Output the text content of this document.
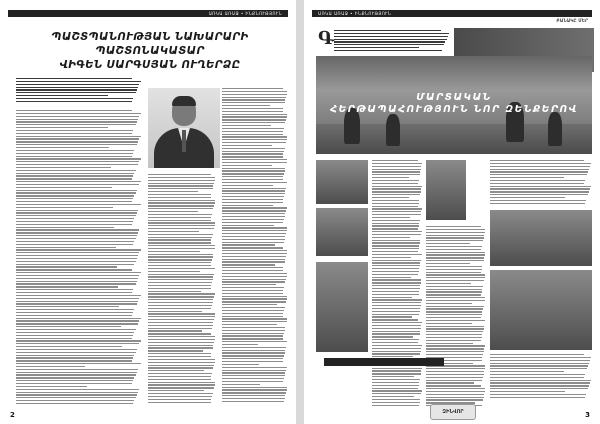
ԱՌԿԱ ԱՌԱՋ • ԻՆՔՆՈՒԹՅՈՒՆ
ՊԱՇՏՊԱՆՈՒԹՅԱՆ ՆԱԽԱՐԱՐԻ
ՊԱՇՏՈՆԱԿԱՏԱՐ
ՎԻԳԵՆ ՍԱՐԳՍՅԱՆ ՈՒՂԵՐՁԸ
2
ԱՌԿԱ ԱՌԱՋ • ԻՆՔՆՈՒԹՅՈՒՆ
ԲԱՆԱԿԸ ՄԵՐ
Գ
ՄԱՐՏԱԿԱՆ
ՀԵՐԹԱՊԱՀՈՒԹՅՈՒՆ ՆՈՐ ԶԵՆՔԵՐՈՎ
ԶԻՆՎՈՐ	3
